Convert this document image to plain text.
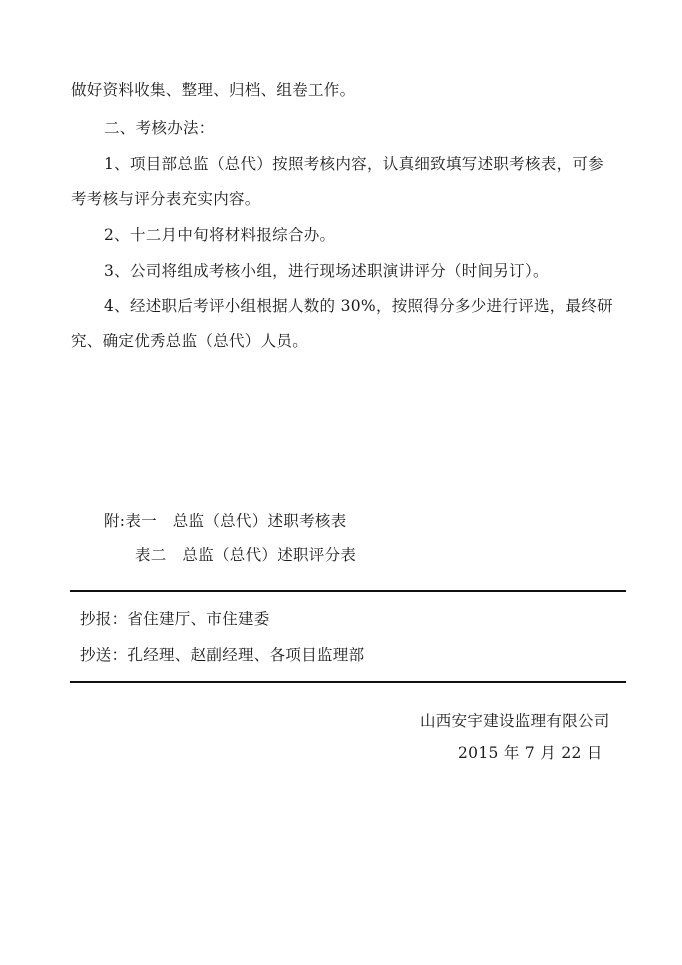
做好资料收集、整理、归档、组卷工作。
二、考核办法：
1、项目部总监（总代）按照考核内容，认真细致填写述职考核表，可参
考考核与评分表充实内容。
2、十二月中旬将材料报综合办。
3、公司将组成考核小组，进行现场述职演讲评分（时间另订）。
4、经述职后考评小组根据人数的 30%，按照得分多少进行评选，最终研
究、确定优秀总监（总代）人员。
附:表一　总监（总代）述职考核表
表二　总监（总代）述职评分表
抄报：省住建厅、市住建委
抄送：孔经理、赵副经理、各项目监理部
山西安宇建设监理有限公司
2015 年 7 月 22 日
